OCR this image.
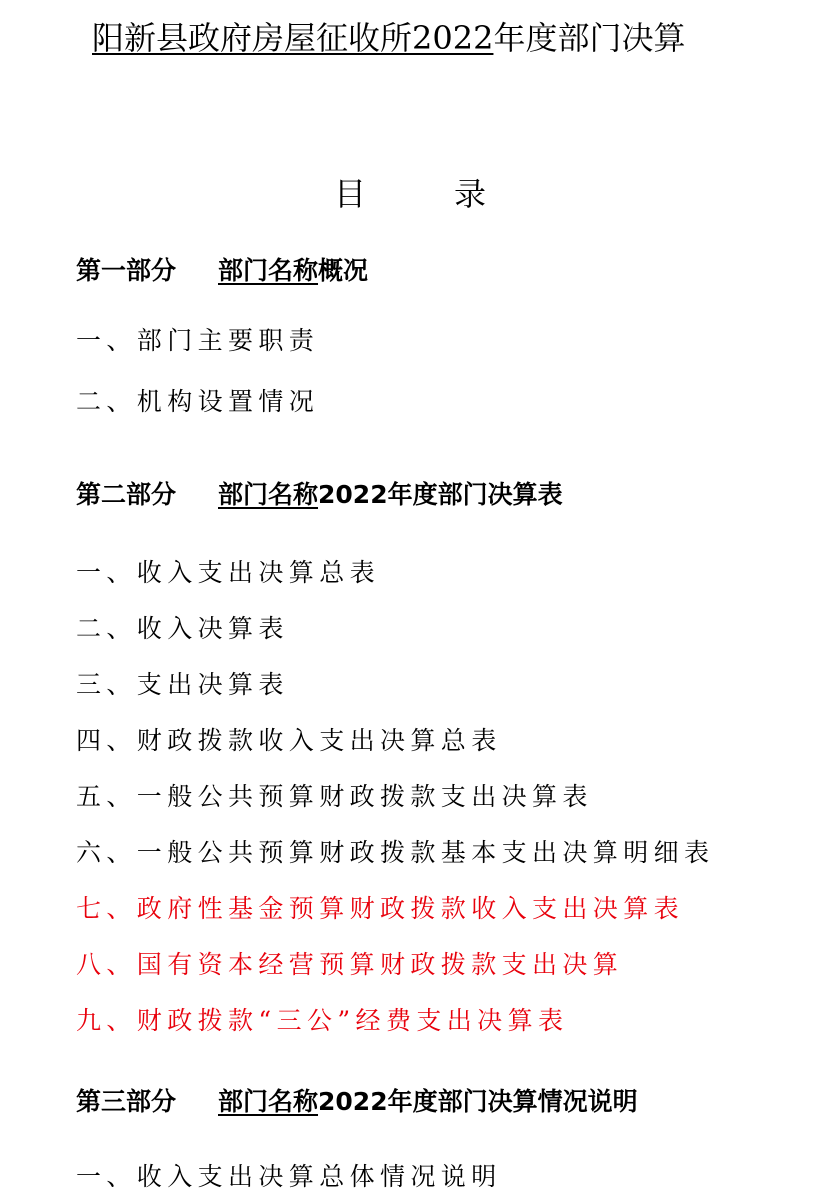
阳新县政府房屋征收所2022年度部门决算
目	录
第一部分 部门名称概况
一、部门主要职责
二、机构设置情况
第二部分 部门名称2022年度部门决算表
一、收入支出决算总表
二、收入决算表
三、支出决算表
四、财政拨款收入支出决算总表
五、一般公共预算财政拨款支出决算表
六、一般公共预算财政拨款基本支出决算明细表
七、政府性基金预算财政拨款收入支出决算表
八、国有资本经营预算财政拨款支出决算
九、财政拨款“三公”经费支出决算表
第三部分 部门名称2022年度部门决算情况说明
一、收入支出决算总体情况说明
